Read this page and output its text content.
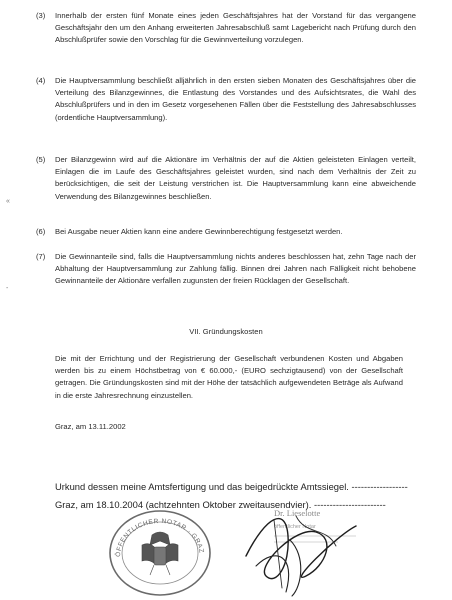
(3) Innerhalb der ersten fünf Monate eines jeden Geschäftsjahres hat der Vorstand für das vergangene Geschäftsjahr den um den Anhang erweiterten Jahresabschluß samt Lagebericht nach Prüfung durch den Abschlußprüfer sowie den Vorschlag für die Gewinnverteilung vorzulegen.
(4) Die Hauptversammlung beschließt alljährlich in den ersten sieben Monaten des Geschäftsjahres über die Verteilung des Bilanzgewinnes, die Entlastung des Vorstandes und des Aufsichtsrates, die Wahl des Abschlußprüfers und in den im Gesetz vorgesehenen Fällen über die Feststellung des Jahresabschlusses (ordentliche Hauptversammlung).
(5) Der Bilanzgewinn wird auf die Aktionäre im Verhältnis der auf die Aktien geleisteten Einlagen verteilt, Einlagen die im Laufe des Geschäftsjahres geleistet wurden, sind nach dem Verhältnis der Zeit zu berücksichtigen, die seit der Leistung verstrichen ist. Die Hauptversammlung kann eine abweichende Verwendung des Bilanzgewinnes beschließen.
(6) Bei Ausgabe neuer Aktien kann eine andere Gewinnberechtigung festgesetzt werden.
(7) Die Gewinnanteile sind, falls die Hauptversammlung nichts anderes beschlossen hat, zehn Tage nach der Abhaltung der Hauptversammlung zur Zahlung fällig. Binnen drei Jahren nach Fälligkeit nicht behobene Gewinnanteile der Aktionäre verfallen zugunsten der freien Rücklagen der Gesellschaft.
VII. Gründungskosten
Die mit der Errichtung und der Registrierung der Gesellschaft verbundenen Kosten und Abgaben werden bis zu einem Höchstbetrag von € 60.000,- (EURO sechzigtausend) von der Gesellschaft getragen. Die Gründungskosten sind mit der Höhe der tatsächlich aufgewendeten Beträge als Aufwand in die erste Jahresrechnung einzustellen.
Graz, am 13.11.2002
Urkund dessen meine Amtsfertigung und das beigedrückte Amtssiegel. ------------------
Graz, am 18.10.2004 (achtzehnten Oktober zweitausendvier). -----------------------
«
-
ÖFFENTLICHER NOTAR · GRAZ
Dr. Lieselotte
öffentlicher Notar
